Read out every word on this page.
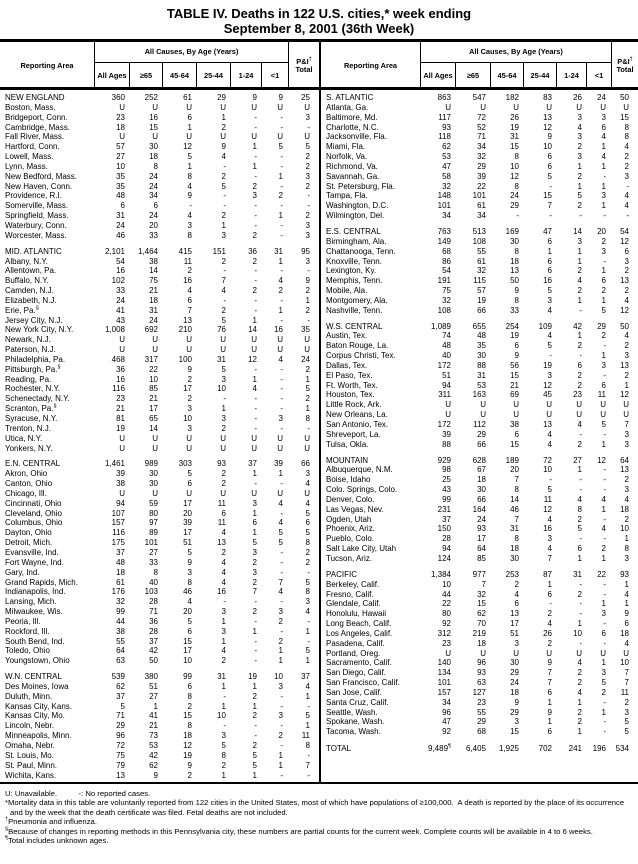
TABLE IV. Deaths in 122 U.S. cities,* week ending
September 8, 2001 (36th Week)
Reporting Area
All Causes, By Age (Years)
All Ages	≥65	45-64	25-44	1-24	<1
P&I†
Total
NEW ENGLAND	360	252	61	29	9	9	25
Boston, Mass.	U	U	U	U	U	U	U
Bridgeport, Conn.	23	16	6	1	-	-	3
Cambridge, Mass.	18	15	1	2	-	-	-
Fall River, Mass.	U	U	U	U	U	U	U
Hartford, Conn.	57	30	12	9	1	5	5
Lowell, Mass.	27	18	5	4	-	-	2
Lynn, Mass.	10	8	1	-	1	-	2
New Bedford, Mass.	35	24	8	2	-	1	3
New Haven, Conn.	35	24	4	5	2	-	2
Providence, R.I.	48	34	9	-	3	2	-
Somerville, Mass.	6	6	-	-	-	-	-
Springfield, Mass.	31	24	4	2	-	1	2
Waterbury, Conn.	24	20	3	1	-	-	3
Worcester, Mass.	46	33	8	3	2	-	3
MID. ATLANTIC	2,101	1,464	415	151	36	31	95
Albany, N.Y.	54	38	11	2	2	1	3
Allentown, Pa.	16	14	2	-	-	-	-
Buffalo, N.Y.	102	75	16	7	-	4	9
Camden, N.J.	33	21	4	4	2	2	2
Elizabeth, N.J.	24	18	6	-	-	-	1
Erie, Pa.§	41	31	7	2	-	1	2
Jersey City, N.J.	43	24	13	5	1	-	-
New York City, N.Y.	1,008	692	210	76	14	16	35
Newark, N.J.	U	U	U	U	U	U	U
Paterson, N.J.	U	U	U	U	U	U	U
Philadelphia, Pa.	468	317	100	31	12	4	24
Pittsburgh, Pa.§	36	22	9	5	-	-	2
Reading, Pa.	16	10	2	3	1	-	1
Rochester, N.Y.	116	85	17	10	4	-	5
Schenectady, N.Y.	23	21	2	-	-	-	2
Scranton, Pa.§	21	17	3	1	-	-	1
Syracuse, N.Y.	81	65	10	3	-	3	8
Trenton, N.J.	19	14	3	2	-	-	-
Utica, N.Y.	U	U	U	U	U	U	U
Yonkers, N.Y.	U	U	U	U	U	U	U
E.N. CENTRAL	1,461	989	303	93	37	39	66
Akron, Ohio	39	30	5	2	1	1	3
Canton, Ohio	38	30	6	2	-	-	4
Chicago, Ill.	U	U	U	U	U	U	U
Cincinnati, Ohio	94	59	17	11	3	4	4
Cleveland, Ohio	107	80	20	6	1	-	5
Columbus, Ohio	157	97	39	11	6	4	6
Dayton, Ohio	116	89	17	4	1	5	5
Detroit, Mich.	175	101	51	13	5	5	8
Evansville, Ind.	37	27	5	2	3	-	2
Fort Wayne, Ind.	48	33	9	4	2	-	2
Gary, Ind.	18	8	3	4	3	-	-
Grand Rapids, Mich.	61	40	8	4	2	7	5
Indianapolis, Ind.	176	103	46	16	7	4	8
Lansing, Mich.	32	28	4	-	-	-	3
Milwaukee, Wis.	99	71	20	3	2	3	4
Peoria, Ill.	44	36	5	1	-	2	-
Rockford, Ill.	38	28	6	3	1	-	1
South Bend, Ind.	55	37	15	1	-	2	-
Toledo, Ohio	64	42	17	4	-	1	5
Youngstown, Ohio	63	50	10	2	-	1	1
W.N. CENTRAL	539	380	99	31	19	10	37
Des Moines, Iowa	62	51	6	1	1	3	4
Duluth, Minn.	37	27	8	-	2	-	1
Kansas City, Kans.	5	1	2	1	1	-	-
Kansas City, Mo.	71	41	15	10	2	3	5
Lincoln, Nebr.	29	21	8	-	-	-	1
Minneapolis, Minn.	96	73	18	3	-	2	11
Omaha, Nebr.	72	53	12	5	2	-	8
St. Louis, Mo.	75	42	19	8	5	1	-
St. Paul, Minn.	79	62	9	2	5	1	7
Wichita, Kans.	13	9	2	1	1	-	-
Reporting Area
All Causes, By Age (Years)
All Ages	≥65	45-64	25-44	1-24	<1
P&I†
Total
S. ATLANTIC	863	547	182	83	26	24	50
Atlanta, Ga.	U	U	U	U	U	U	U
Baltimore, Md.	117	72	26	13	3	3	15
Charlotte, N.C.	93	52	19	12	4	6	8
Jacksonville, Fla.	118	71	31	9	3	4	8
Miami, Fla.	62	34	15	10	2	1	4
Norfolk, Va.	53	32	8	6	3	4	2
Richmond, Va.	47	29	10	6	1	1	2
Savannah, Ga.	58	39	12	5	2	-	3
St. Petersburg, Fla.	32	22	8	-	1	1	-
Tampa, Fla.	148	101	24	15	5	3	4
Washington, D.C.	101	61	29	7	2	1	4
Wilmington, Del.	34	34	-	-	-	-	-
E.S. CENTRAL	763	513	169	47	14	20	54
Birmingham, Ala.	149	108	30	6	3	2	12
Chattanooga, Tenn.	68	55	8	1	1	3	6
Knoxville, Tenn.	86	61	18	6	1	-	3
Lexington, Ky.	54	32	13	6	2	1	2
Memphis, Tenn.	191	115	50	16	4	6	13
Mobile, Ala.	75	57	9	5	2	2	2
Montgomery, Ala.	32	19	8	3	1	1	4
Nashville, Tenn.	108	66	33	4	-	5	12
W.S. CENTRAL	1,089	655	254	109	42	29	50
Austin, Tex.	74	48	19	4	1	2	4
Baton Rouge, La.	48	35	6	5	2	-	2
Corpus Christi, Tex.	40	30	9	-	-	1	3
Dallas, Tex.	172	88	56	19	6	3	13
El Paso, Tex.	51	31	15	3	2	-	2
Ft. Worth, Tex.	94	53	21	12	2	6	1
Houston, Tex.	311	163	69	45	23	11	12
Little Rock, Ark.	U	U	U	U	U	U	U
New Orleans, La.	U	U	U	U	U	U	U
San Antonio, Tex.	172	112	38	13	4	5	7
Shreveport, La.	39	29	6	4	-	-	3
Tulsa, Okla.	88	66	15	4	2	1	3
MOUNTAIN	929	628	189	72	27	12	64
Albuquerque, N.M.	98	67	20	10	1	-	13
Boise, Idaho	25	18	7	-	-	-	2
Colo. Springs, Colo.	43	30	8	5	-	-	3
Denver, Colo.	99	66	14	11	4	4	4
Las Vegas, Nev.	231	164	46	12	8	1	18
Ogden, Utah	37	24	7	4	2	-	2
Phoenix, Ariz.	150	93	31	16	5	4	10
Pueblo, Colo.	28	17	8	3	-	-	1
Salt Lake City, Utah	94	64	18	4	6	2	8
Tucson, Ariz.	124	85	30	7	1	1	3
PACIFIC	1,384	977	253	87	31	22	93
Berkeley, Calif.	10	7	2	1	-	-	1
Fresno, Calif.	44	32	4	6	2	-	4
Glendale, Calif.	22	15	6	-	-	1	1
Honolulu, Hawaii	80	62	13	2	-	3	9
Long Beach, Calif.	92	70	17	4	1	-	6
Los Angeles, Calif.	312	219	51	26	10	6	18
Pasadena, Calif.	23	18	3	2	-	-	4
Portland, Oreg.	U	U	U	U	U	U	U
Sacramento, Calif.	140	96	30	9	4	1	10
San Diego, Calif.	134	93	29	7	2	3	7
San Francisco, Calif.	101	63	24	7	2	5	7
San Jose, Calif.	157	127	18	6	4	2	11
Santa Cruz, Calif.	34	23	9	1	1	-	2
Seattle, Wash.	96	55	29	9	2	1	3
Spokane, Wash.	47	29	3	1	2	-	5
Tacoma, Wash.	92	68	15	6	1	-	5
TOTAL	9,489¶	6,405	1,925	702	241	196	534
U: Unavailable.          -: No reported cases.
*Mortality data in this table are voluntarily reported from 122 cities in the United States, most of which have populations of ≥100,000.  A death is reported by the place of its occurrence and by the week that the death certificate was filed. Fetal deaths are not included.
†Pneumonia and influenza.
§Because of changes in reporting methods in this Pennsylvania city, these numbers are partial counts for the current week. Complete counts will be available in 4 to 6 weeks.
¶Total includes unknown ages.
